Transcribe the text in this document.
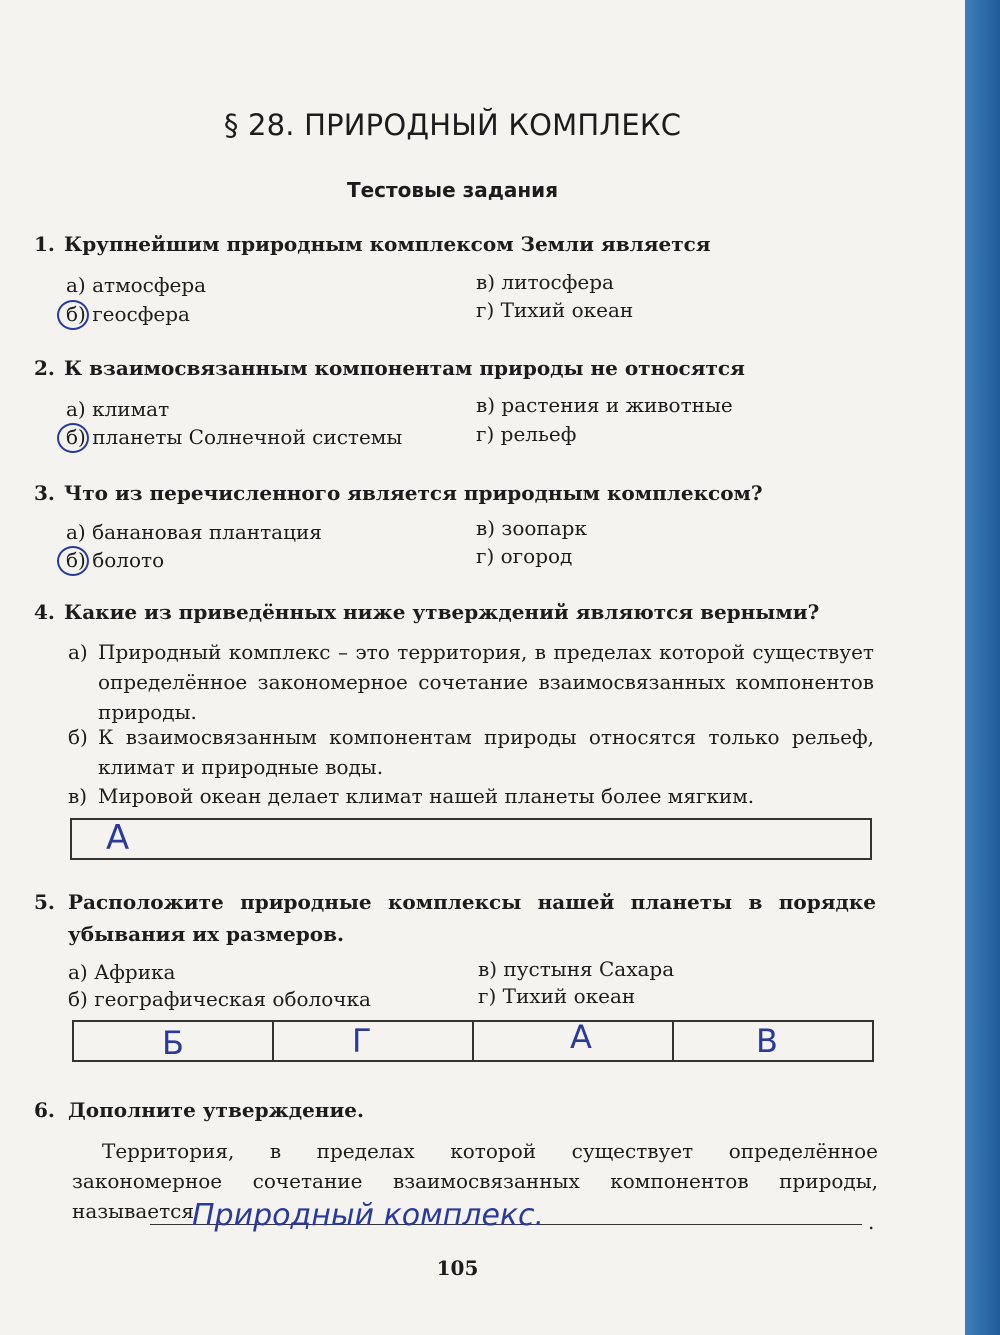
§ 28. ПРИРОДНЫЙ КОМПЛЕКС
Тестовые задания
1. Крупнейшим природным комплексом Земли является
а) атмосфера
б) геосфера
в) литосфера
г) Тихий океан
2. К взаимосвязанным компонентам природы не относятся
а) климат
б) планеты Солнечной системы
в) растения и животные
г) рельеф
3. Что из перечисленного является природным комплексом?
а) банановая плантация
б) болото
в) зоопарк
г) огород
4. Какие из приведённых ниже утверждений являются верными?
а) Природный комплекс – это территория, в пределах которой существует определённое закономерное сочетание взаимосвязанных компонентов природы.
б) К взаимосвязанным компонентам природы относятся только рельеф, климат и природные воды.
в) Мировой океан делает климат нашей планеты более мягким.
А
5. Расположите природные комплексы нашей планеты в порядке убывания их размеров.
а) Африка
б) географическая оболочка
в) пустыня Сахара
г) Тихий океан
Б	Г	А	В
6. Дополните утверждение.
Территория, в пределах которой существует определённое закономерное сочетание взаимосвязанных компонентов природы, называется
Природный комплекс.	.
105
